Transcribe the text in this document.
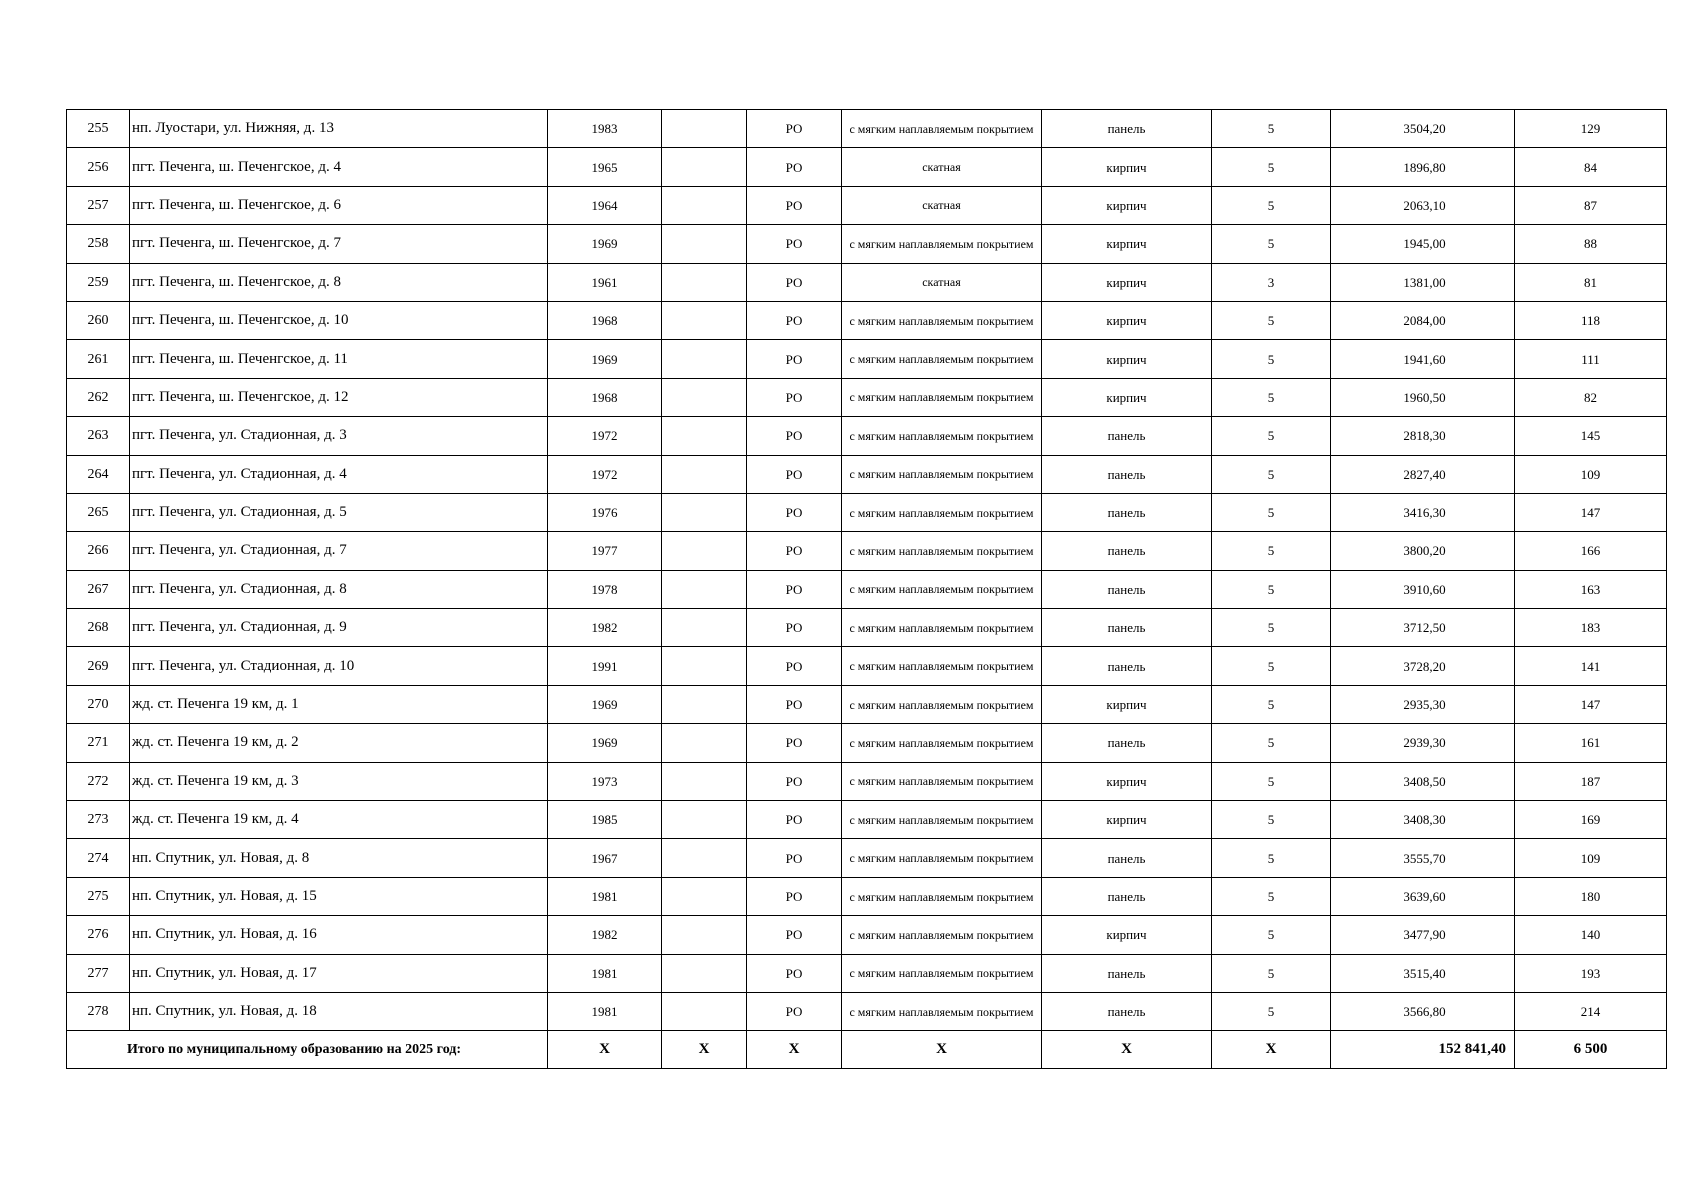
255	нп. Луостари, ул. Нижняя, д. 13	1983		РО	с мягким наплавляемым покрытием	панель	5	3504,20	129
256	пгт. Печенга, ш. Печенгское, д. 4	1965		РО	скатная	кирпич	5	1896,80	84
257	пгт. Печенга, ш. Печенгское, д. 6	1964		РО	скатная	кирпич	5	2063,10	87
258	пгт. Печенга, ш. Печенгское, д. 7	1969		РО	с мягким наплавляемым покрытием	кирпич	5	1945,00	88
259	пгт. Печенга, ш. Печенгское, д. 8	1961		РО	скатная	кирпич	3	1381,00	81
260	пгт. Печенга, ш. Печенгское, д. 10	1968		РО	с мягким наплавляемым покрытием	кирпич	5	2084,00	118
261	пгт. Печенга, ш. Печенгское, д. 11	1969		РО	с мягким наплавляемым покрытием	кирпич	5	1941,60	111
262	пгт. Печенга, ш. Печенгское, д. 12	1968		РО	с мягким наплавляемым покрытием	кирпич	5	1960,50	82
263	пгт. Печенга, ул. Стадионная, д. 3	1972		РО	с мягким наплавляемым покрытием	панель	5	2818,30	145
264	пгт. Печенга, ул. Стадионная, д. 4	1972		РО	с мягким наплавляемым покрытием	панель	5	2827,40	109
265	пгт. Печенга, ул. Стадионная, д. 5	1976		РО	с мягким наплавляемым покрытием	панель	5	3416,30	147
266	пгт. Печенга, ул. Стадионная, д. 7	1977		РО	с мягким наплавляемым покрытием	панель	5	3800,20	166
267	пгт. Печенга, ул. Стадионная, д. 8	1978		РО	с мягким наплавляемым покрытием	панель	5	3910,60	163
268	пгт. Печенга, ул. Стадионная, д. 9	1982		РО	с мягким наплавляемым покрытием	панель	5	3712,50	183
269	пгт. Печенга, ул. Стадионная, д. 10	1991		РО	с мягким наплавляемым покрытием	панель	5	3728,20	141
270	жд. ст. Печенга 19 км, д. 1	1969		РО	с мягким наплавляемым покрытием	кирпич	5	2935,30	147
271	жд. ст. Печенга 19 км, д. 2	1969		РО	с мягким наплавляемым покрытием	панель	5	2939,30	161
272	жд. ст. Печенга 19 км, д. 3	1973		РО	с мягким наплавляемым покрытием	кирпич	5	3408,50	187
273	жд. ст. Печенга 19 км, д. 4	1985		РО	с мягким наплавляемым покрытием	кирпич	5	3408,30	169
274	нп. Спутник, ул. Новая, д. 8	1967		РО	с мягким наплавляемым покрытием	панель	5	3555,70	109
275	нп. Спутник, ул. Новая, д. 15	1981		РО	с мягким наплавляемым покрытием	панель	5	3639,60	180
276	нп. Спутник, ул. Новая, д. 16	1982		РО	с мягким наплавляемым покрытием	кирпич	5	3477,90	140
277	нп. Спутник, ул. Новая, д. 17	1981		РО	с мягким наплавляемым покрытием	панель	5	3515,40	193
278	нп. Спутник, ул. Новая, д. 18	1981		РО	с мягким наплавляемым покрытием	панель	5	3566,80	214
Итого по муниципальному образованию на 2025 год:		X	X	X	X	X	X	152 841,40	6 500
